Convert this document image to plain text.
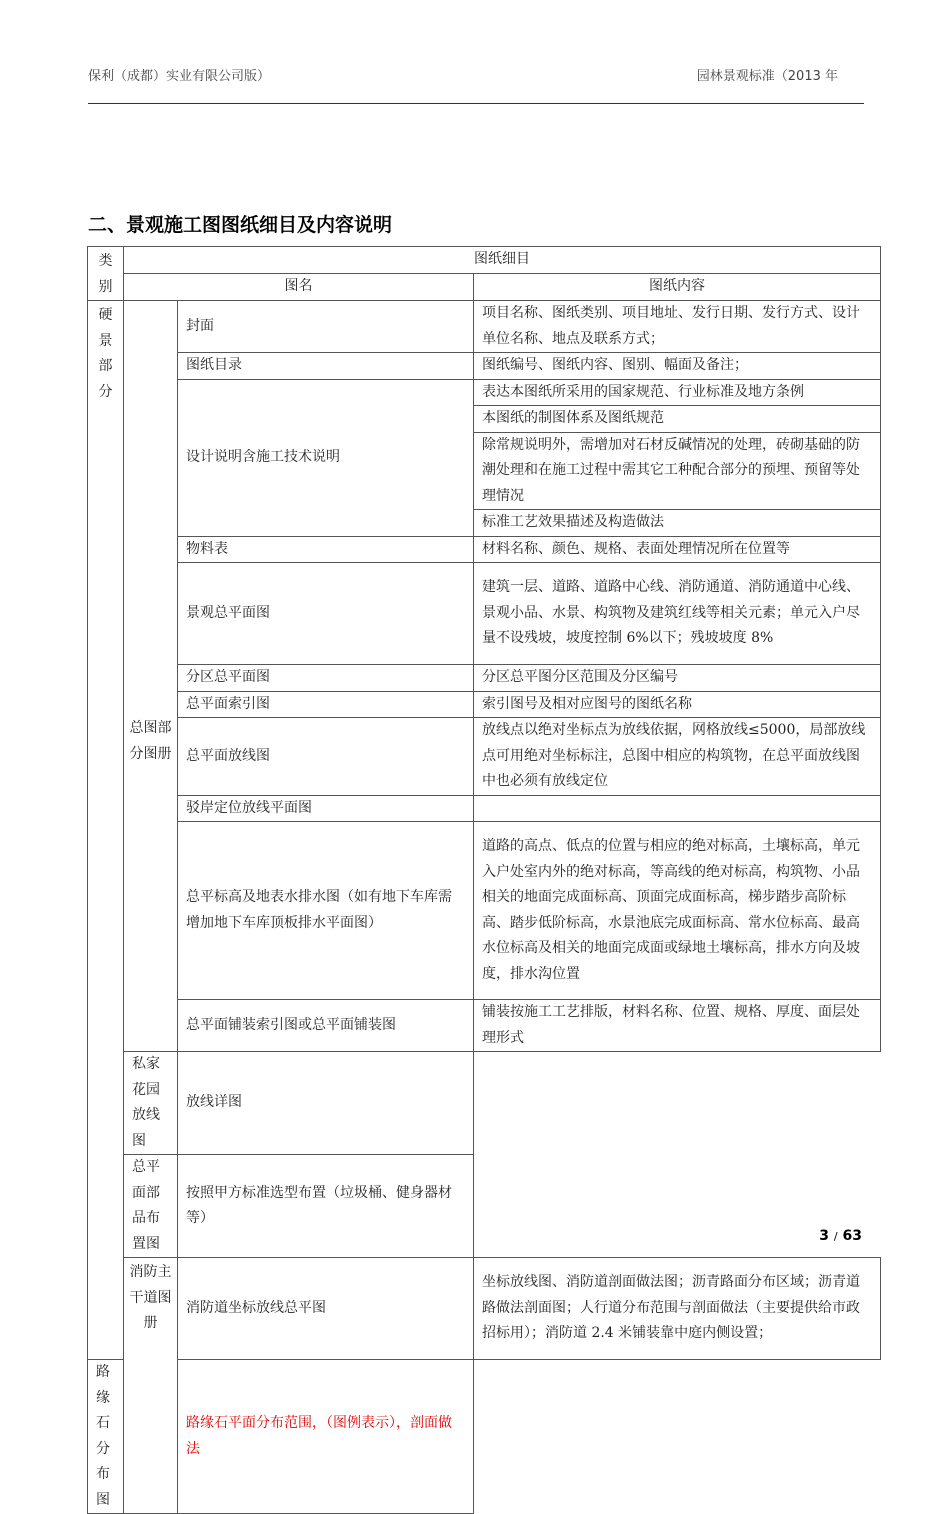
保利（成都）实业有限公司版）	园林景观标准（2013 年
二、景观施工图图纸细目及内容说明
类别	图纸细目		
	图名		图纸内容
硬景部分		封面	项目名称、图纸类别、项目地址、发行日期、发行方式、设计单位名称、地点及联系方式；
		图纸目录	图纸编号、图纸内容、图别、幅面及备注；
		设计说明含施工技术说明	表达本图纸所采用的国家规范、行业标准及地方条例
			本图纸的制图体系及图纸规范
	总图部分图册		除常规说明外，需增加对石材反碱情况的处理，砖砌基础的防潮处理和在施工过程中需其它工种配合部分的预埋、预留等处理情况
			标准工艺效果描述及构造做法
		物料表	材料名称、颜色、规格、表面处理情况所在位置等
		景观总平面图	建筑一层、道路、道路中心线、消防通道、消防通道中心线、景观小品、水景、构筑物及建筑红线等相关元素；单元入户尽量不设残坡，坡度控制 6%以下；残坡坡度 8%
		分区总平面图	分区总平图分区范围及分区编号
		总平面索引图	索引图号及相对应图号的图纸名称
		总平面放线图	放线点以绝对坐标点为放线依据，网格放线≤5000，局部放线点可用绝对坐标标注，总图中相应的构筑物，在总平面放线图中也必须有放线定位
		驳岸定位放线平面图	
		总平标高及地表水排水图（如有地下车库需增加地下车库顶板排水平面图）	道路的高点、低点的位置与相应的绝对标高，土壤标高，单元入户处室内外的绝对标高，等高线的绝对标高，构筑物、小品相关的地面完成面标高、顶面完成面标高，梯步踏步高阶标高、踏步低阶标高，水景池底完成面标高、常水位标高、最高水位标高及相关的地面完成面或绿地土壤标高，排水方向及坡度，排水沟位置
		总平面铺装索引图或总平面铺装图	铺装按施工工艺排版，材料名称、位置、规格、厚度、面层处理形式
	私家花园放线图	放线详图	
	总平面部品布置图	按照甲方标准选型布置（垃圾桶、健身器材等）	
	消防主干道图册	消防道坐标放线总平图	坐标放线图、消防道剖面做法图；沥青路面分布区域；沥青道路做法剖面图；人行道分布范围与剖面做法（主要提供给市政招标用）；消防道 2.4 米铺装靠中庭内侧设置；
路缘石分布图		路缘石平面分布范围，（图例表示），剖面做法	
3 / 63
